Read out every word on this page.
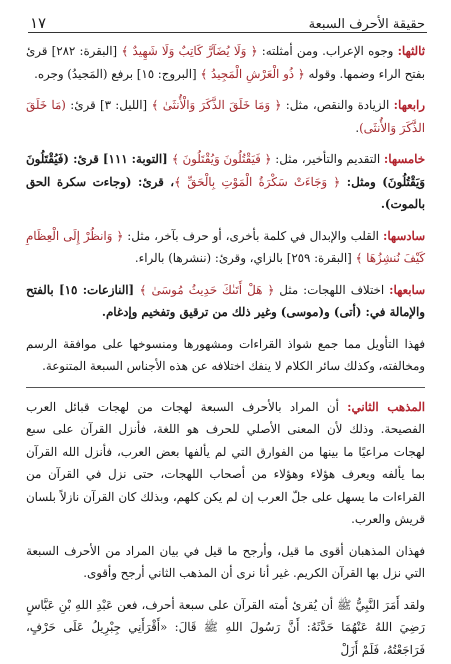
حقيقة الأحرف السبعة
١٧

ثالثها: وجوه الإعراب. ومن أمثلته: ﴿ وَلَا يُضَآرَّ كَاتِبٌ وَلَا شَهِيدٌ ﴾ [البقرة: ٢٨٢] قرئ بفتح الراء وضمها. وقوله ﴿ ذُو الْعَرْشِ الْمَجِيدُ ﴾ [البروج: ١٥] برفع (المَجيدُ) وجره.

رابعها: الزيادة والنقص، مثل: ﴿ وَمَا خَلَقَ الذَّكَرَ وَالْأُنثَىٰ ﴾ [الليل: ٣] قرئ: (مَا خَلَقَ الذَّكَرَ وَالأُنثَى).

خامسها: التقديم والتأخير، مثل: ﴿ فَيَقْتُلُونَ وَيُقْتَلُونَ ﴾ [التوبة: ١١١] قرئ: (فَيُقْتَلُونَ وَيَقْتُلُونَ) ومثل: ﴿ وَجَاءَتْ سَكْرَةُ الْمَوْتِ بِالْحَقِّ ﴾، قرئ: (وجاءت سكرة الحق بالموت).

سادسها: القلب والإبدال في كلمة بأخرى، أو حرف بآخر، مثل: ﴿ وَانظُرْ إِلَى الْعِظَامِ كَيْفَ نُنشِزُهَا ﴾ [البقرة: ٢٥٩] بالزاي، وقرئ: (ننشرها) بالراء.

سابعها: اختلاف اللهجات: مثل ﴿ هَلْ أَتَىٰكَ حَدِيثُ مُوسَىٰ ﴾ [النازعات: ١٥] بالفتح والإمالة في: (أتى) و(موسى) وغير ذلك من ترقيق وتفخيم وإدغام.

فهذا التأويل مما جمع شواذ القراءات ومشهورها ومنسوخها على موافقة الرسم ومخالفته، وكذلك سائر الكلام لا ينفك اختلافه عن هذه الأجناس السبعة المتنوعة.

المذهب الثاني: أن المراد بالأحرف السبعة لهجات من لهجات قبائل العرب الفصيحة. وذلك لأن المعنى الأصلي للحرف هو اللغة، فأنزل القرآن على سبع لهجات مراعيًا ما بينها من الفوارق التي لم يألفها بعض العرب، فأنزل الله القرآن بما يألفه ويعرف هؤلاء وهؤلاء من أصحاب اللهجات، حتى نزل في القرآن من القراءات ما يسهل على جلّ العرب إن لم يكن كلهم، وبذلك كان القرآن نازلاً بلسان قريش والعرب.

فهذان المذهبان أقوى ما قيل، وأرجح ما قيل في بيان المراد من الأحرف السبعة التي نزل بها القرآن الكريم. غير أنا نرى أن المذهب الثاني أرجح وأقوى.

ولقد أَمَرَ النَّبِيُّ ﷺ أن يُقرئ أمته القرآن على سبعة أحرف، فعن عَبْدِ اللهِ بْنِ عَبَّاسٍ رَضِيَ اللهُ عَنْهُمَا حَدَّثَهُ: أَنَّ رَسُولَ اللهِ ﷺ قَالَ: «أَقْرَأَنِي جِبْرِيلُ عَلَى حَرْفٍ، فَرَاجَعْتُهُ، فَلَمْ أَزَلْ
